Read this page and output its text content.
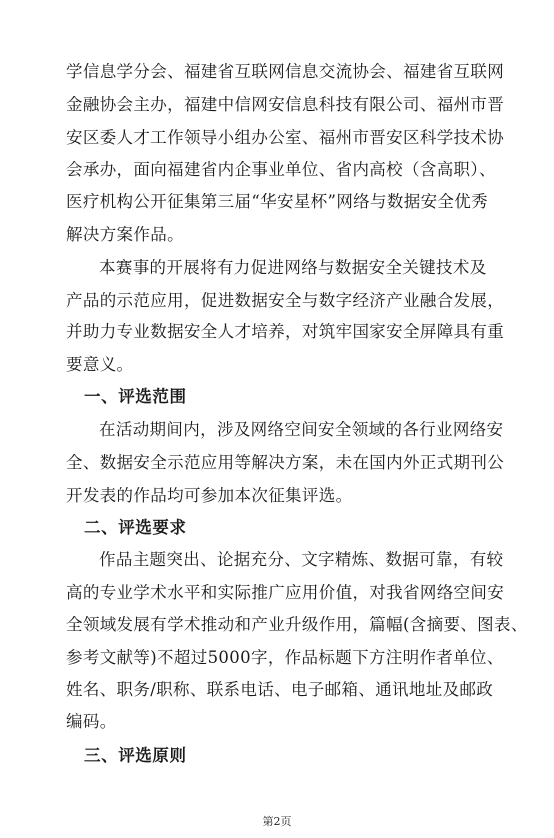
学信息学分会、福建省互联网信息交流协会、福建省互联网
金融协会主办，福建中信网安信息科技有限公司、福州市晋
安区委人才工作领导小组办公室、福州市晋安区科学技术协
会承办，面向福建省内企事业单位、省内高校（含高职）、
医疗机构公开征集第三届“华安星杯”网络与数据安全优秀
解决方案作品。
本赛事的开展将有力促进网络与数据安全关键技术及
产品的示范应用，促进数据安全与数字经济产业融合发展，
并助力专业数据安全人才培养，对筑牢国家安全屏障具有重
要意义。
一、评选范围
在活动期间内，涉及网络空间安全领域的各行业网络安
全、数据安全示范应用等解决方案，未在国内外正式期刊公
开发表的作品均可参加本次征集评选。
二、评选要求
作品主题突出、论据充分、文字精炼、数据可靠，有较
高的专业学术水平和实际推广应用价值，对我省网络空间安
全领域发展有学术推动和产业升级作用，篇幅(含摘要、图表、
参考文献等)不超过5000字，作品标题下方注明作者单位、
姓名、职务/职称、联系电话、电子邮箱、通讯地址及邮政
编码。
三、评选原则
第2页
